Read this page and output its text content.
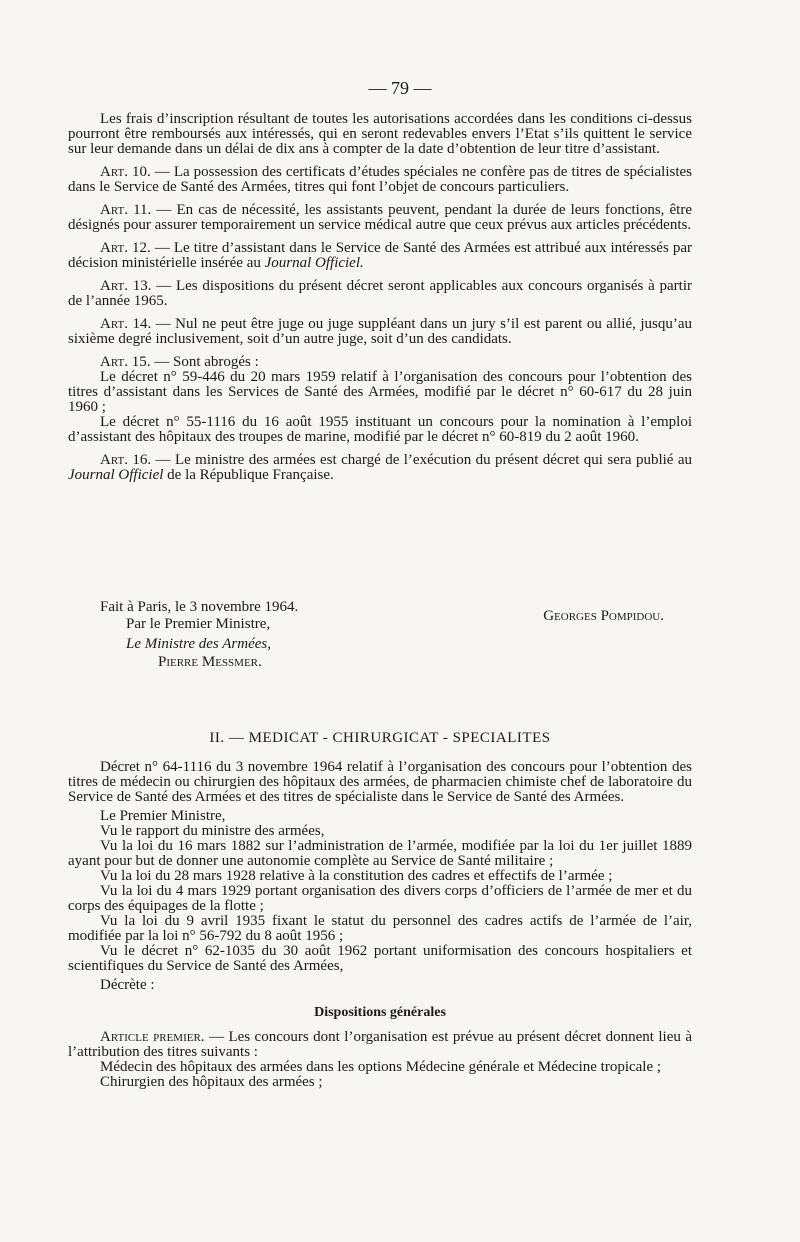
— 79 —

Les frais d’inscription résultant de toutes les autorisations accordées dans les conditions ci-dessus pourront être remboursés aux intéressés, qui en seront redevables envers l’Etat s’ils quittent le service sur leur demande dans un délai de dix ans à compter de la date d’obtention de leur titre d’assistant.

Art. 10. — La possession des certificats d’études spéciales ne confère pas de titres de spécialistes dans le Service de Santé des Armées, titres qui font l’objet de concours particuliers.

Art. 11. — En cas de nécessité, les assistants peuvent, pendant la durée de leurs fonctions, être désignés pour assurer temporairement un service médical autre que ceux prévus aux articles précédents.

Art. 12. — Le titre d’assistant dans le Service de Santé des Armées est attribué aux intéressés par décision ministérielle insérée au Journal Officiel.

Art. 13. — Les dispositions du présent décret seront applicables aux concours organisés à partir de l’année 1965.

Art. 14. — Nul ne peut être juge ou juge suppléant dans un jury s’il est parent ou allié, jusqu’au sixième degré inclusivement, soit d’un autre juge, soit d’un des candidats.

Art. 15. — Sont abrogés :

Le décret n° 59-446 du 20 mars 1959 relatif à l’organisation des concours pour l’obtention des titres d’assistant dans les Services de Santé des Armées, modifié par le décret n° 60-617 du 28 juin 1960 ;

Le décret n° 55-1116 du 16 août 1955 instituant un concours pour la nomination à l’emploi d’assistant des hôpitaux des troupes de marine, modifié par le décret n° 60-819 du 2 août 1960.

Art. 16. — Le ministre des armées est chargé de l’exécution du présent décret qui sera publié au Journal Officiel de la République Française.

Fait à Paris, le 3 novembre 1964.
Par le Premier Ministre,	Georges Pompidou.
Le Ministre des Armées,
Pierre Messmer.

II. — MEDICAT - CHIRURGICAT - SPECIALITES

Décret n° 64-1116 du 3 novembre 1964 relatif à l’organisation des concours pour l’obtention des titres de médecin ou chirurgien des hôpitaux des armées, de pharmacien chimiste chef de laboratoire du Service de Santé des Armées et des titres de spécialiste dans le Service de Santé des Armées.

Le Premier Ministre,

Vu le rapport du ministre des armées,

Vu la loi du 16 mars 1882 sur l’administration de l’armée, modifiée par la loi du 1er juillet 1889 ayant pour but de donner une autonomie complète au Service de Santé militaire ;

Vu la loi du 28 mars 1928 relative à la constitution des cadres et effectifs de l’armée ;

Vu la loi du 4 mars 1929 portant organisation des divers corps d’officiers de l’armée de mer et du corps des équipages de la flotte ;

Vu la loi du 9 avril 1935 fixant le statut du personnel des cadres actifs de l’armée de l’air, modifiée par la loi n° 56-792 du 8 août 1956 ;

Vu le décret n° 62-1035 du 30 août 1962 portant uniformisation des concours hospitaliers et scientifiques du Service de Santé des Armées,

Décrète :

Dispositions générales

Article premier. — Les concours dont l’organisation est prévue au présent décret donnent lieu à l’attribution des titres suivants :

Médecin des hôpitaux des armées dans les options Médecine générale et Médecine tropicale ;

Chirurgien des hôpitaux des armées ;
